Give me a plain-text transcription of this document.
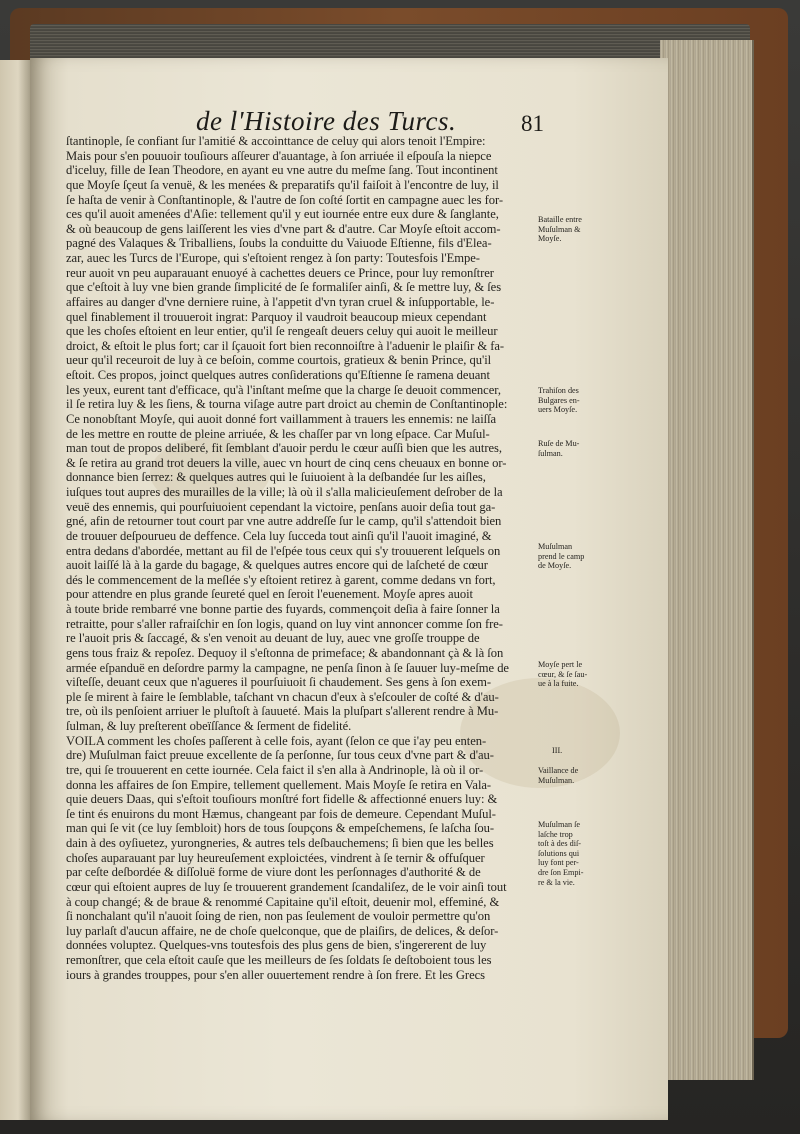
de l'Histoire des Turcs.	81
ſtantinople, ſe confiant ſur l'amitié & accointtance de celuy qui alors tenoit l'Empire:
Mais pour s'en pouuoir touſiours aſſeurer d'auantage, à ſon arriuée il eſpouſa la niepce
d'iceluy, fille de Iean Theodore, en ayant eu vne autre du meſme ſang. Tout incontinent
que Moyſe ſçeut ſa venuë, & les menées & preparatifs qu'il faiſoit à l'encontre de luy, il
ſe haſta de venir à Conſtantinople, & l'autre de ſon coſté ſortit en campagne auec les for-
ces qu'il auoit amenées d'Aſie: tellement qu'il y eut iournée entre eux dure & ſanglante,
& où beaucoup de gens laiſſerent les vies d'vne part & d'autre. Car Moyſe eſtoit accom-
pagné des Valaques & Triballiens, ſoubs la conduitte du Vaiuode Eſtienne, fils d'Elea-
zar, auec les Turcs de l'Europe, qui s'eſtoient rengez à ſon party: Toutesfois l'Empe-
reur auoit vn peu auparauant enuoyé à cachettes deuers ce Prince, pour luy remonſtrer
que c'eſtoit à luy vne bien grande ſimplicité de ſe formaliſer ainſi, & ſe mettre luy, & ſes
affaires au danger d'vne derniere ruine, à l'appetit d'vn tyran cruel & inſupportable, le-
quel finablement il trouueroit ingrat: Parquoy il vaudroit beaucoup mieux cependant
que les choſes eſtoient en leur entier, qu'il ſe rengeaſt deuers celuy qui auoit le meilleur
droict, & eſtoit le plus fort; car il ſçauoit fort bien reconnoiſtre à l'aduenir le plaiſir & fa-
ueur qu'il receuroit de luy à ce beſoin, comme courtois, gratieux & benin Prince, qu'il
eſtoit. Ces propos, joinct quelques autres conſiderations qu'Eſtienne ſe ramena deuant
les yeux, eurent tant d'efficace, qu'à l'inſtant meſme que la charge ſe deuoit commencer,
il ſe retira luy & les ſiens, & tourna viſage autre part droict au chemin de Conſtantinople:
Ce nonobſtant Moyſe, qui auoit donné fort vaillamment à trauers les ennemis: ne laiſſa
de les mettre en routte de pleine arriuée, & les chaſſer par vn long eſpace. Car Muſul-
man tout de propos deliberé, fit ſemblant d'auoir perdu le cœur auſſi bien que les autres,
& ſe retira au grand trot deuers la ville, auec vn hourt de cinq cens cheuaux en bonne or-
donnance bien ſerrez: & quelques autres qui le ſuiuoient à la deſbandée ſur les aiſles,
iuſques tout aupres des murailles de la ville; là où il s'alla malicieuſement deſrober de la
veuë des ennemis, qui pourſuiuoient cependant la victoire, penſans auoir deſia tout ga-
gné, afin de retourner tout court par vne autre addreſſe ſur le camp, qu'il s'attendoit bien
de trouuer deſpourueu de deffence. Cela luy ſucceda tout ainſi qu'il l'auoit imaginé, &
entra dedans d'abordée, mettant au fil de l'eſpée tous ceux qui s'y trouuerent leſquels on
auoit laiſſé là à la garde du bagage, & quelques autres encore qui de laſcheté de cœur
dés le commencement de la meſlée s'y eſtoient retirez à garent, comme dedans vn fort,
pour attendre en plus grande ſeureté quel en ſeroit l'euenement. Moyſe apres auoit
à toute bride rembarré vne bonne partie des fuyards, commençoit deſia à faire ſonner la
retraitte, pour s'aller rafraiſchir en ſon logis, quand on luy vint annoncer comme ſon fre-
re l'auoit pris & ſaccagé, & s'en venoit au deuant de luy, auec vne groſſe trouppe de
gens tous fraiz & repoſez. Dequoy il s'eſtonna de primeface; & abandonnant çà & là ſon
armée eſpanduë en deſordre parmy la campagne, ne penſa ſinon à ſe ſauuer luy-meſme de
viſteſſe, deuant ceux que n'agueres il pourſuiuoit ſi chaudement. Ses gens à ſon exem-
ple ſe mirent à faire le ſemblable, taſchant vn chacun d'eux à s'eſcouler de coſté & d'au-
tre, où ils penſoient arriuer le pluſtoſt à ſauueté. Mais la pluſpart s'allerent rendre à Mu-
ſulman, & luy preſterent obeïſſance & ſerment de fidelité.
VOILA comment les choſes paſſerent à celle fois, ayant (ſelon ce que i'ay peu enten-
dre) Muſulman faict preuue excellente de ſa perſonne, ſur tous ceux d'vne part & d'au-
tre, qui ſe trouuerent en cette iournée. Cela faict il s'en alla à Andrinople, là où il or-
donna les affaires de ſon Empire, tellement quellement. Mais Moyſe ſe retira en Vala-
quie deuers Daas, qui s'eſtoit touſiours monſtré fort fidelle & affectionné enuers luy: &
ſe tint és enuirons du mont Hæmus, changeant par fois de demeure. Cependant Muſul-
man qui ſe vit (ce luy ſembloit) hors de tous ſoupçons & empeſchemens, ſe laſcha ſou-
dain à des oyſiuetez, yurongneries, & autres tels deſbauchemens; ſi bien que les belles
choſes auparauant par luy heureuſement exploictées, vindrent à ſe ternir & offuſquer
par ceſte deſbordée & diſſoluë forme de viure dont les perſonnages d'authorité & de
cœur qui eſtoient aupres de luy ſe trouuerent grandement ſcandaliſez, de le voir ainſi tout
à coup changé; & de braue & renommé Capitaine qu'il eſtoit, deuenir mol, effeminé, &
ſi nonchalant qu'il n'auoit ſoing de rien, non pas ſeulement de vouloir permettre qu'on
luy parlaſt d'aucun affaire, ne de choſe quelconque, que de plaiſirs, de delices, & deſor-
données voluptez. Quelques-vns toutesfois des plus gens de bien, s'ingererent de luy
remonſtrer, que cela eſtoit cauſe que les meilleurs de ſes ſoldats ſe deſtoboient tous les
iours à grandes trouppes, pour s'en aller ouuertement rendre à ſon frere. Et les Grecs
Bataille entre
Muſulman &
Moyſe.
Trahiſon des
Bulgares en-
uers Moyſe.
Ruſe de Mu-
ſulman.
Muſulman
prend le camp
de Moyſe.
Moyſe pert le
cœur, & ſe ſau-
ue à la fuite.
III.
Vaillance de
Muſulman.
Muſulman ſe
laſche trop
toſt à des diſ-
ſolutions qui
luy font per-
dre ſon Empi-
re & la vie.
